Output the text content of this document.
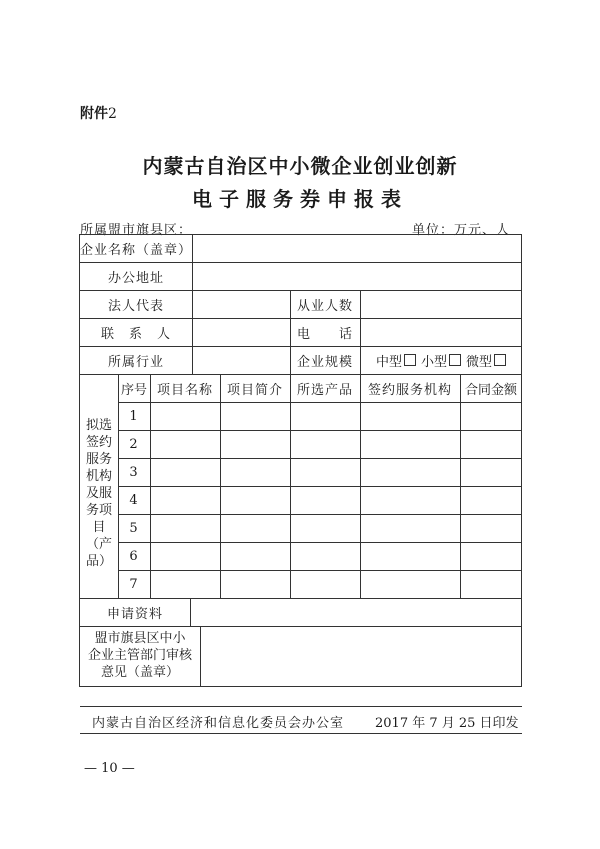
附件2
内蒙古自治区中小微企业创业创新
电子服务券申报表
所属盟市旗县区：	单位：万元、人
企业名称（盖章）
办公地址
法人代表	从业人数
联　系　人	电　　话
所属行业	企业规模	中型 小型 微型
拟选签约服务机构及服务项目（产品）
序号 项目名称	项目简介	所选产品	签约服务机构 合同金额
1
2
3
4
5
6
7
申请资料
盟市旗县区中小
企业主管部门审核
意见（盖章）
内蒙古自治区经济和信息化委员会办公室 2017 年 7 月 25 日印发
— 10 —
